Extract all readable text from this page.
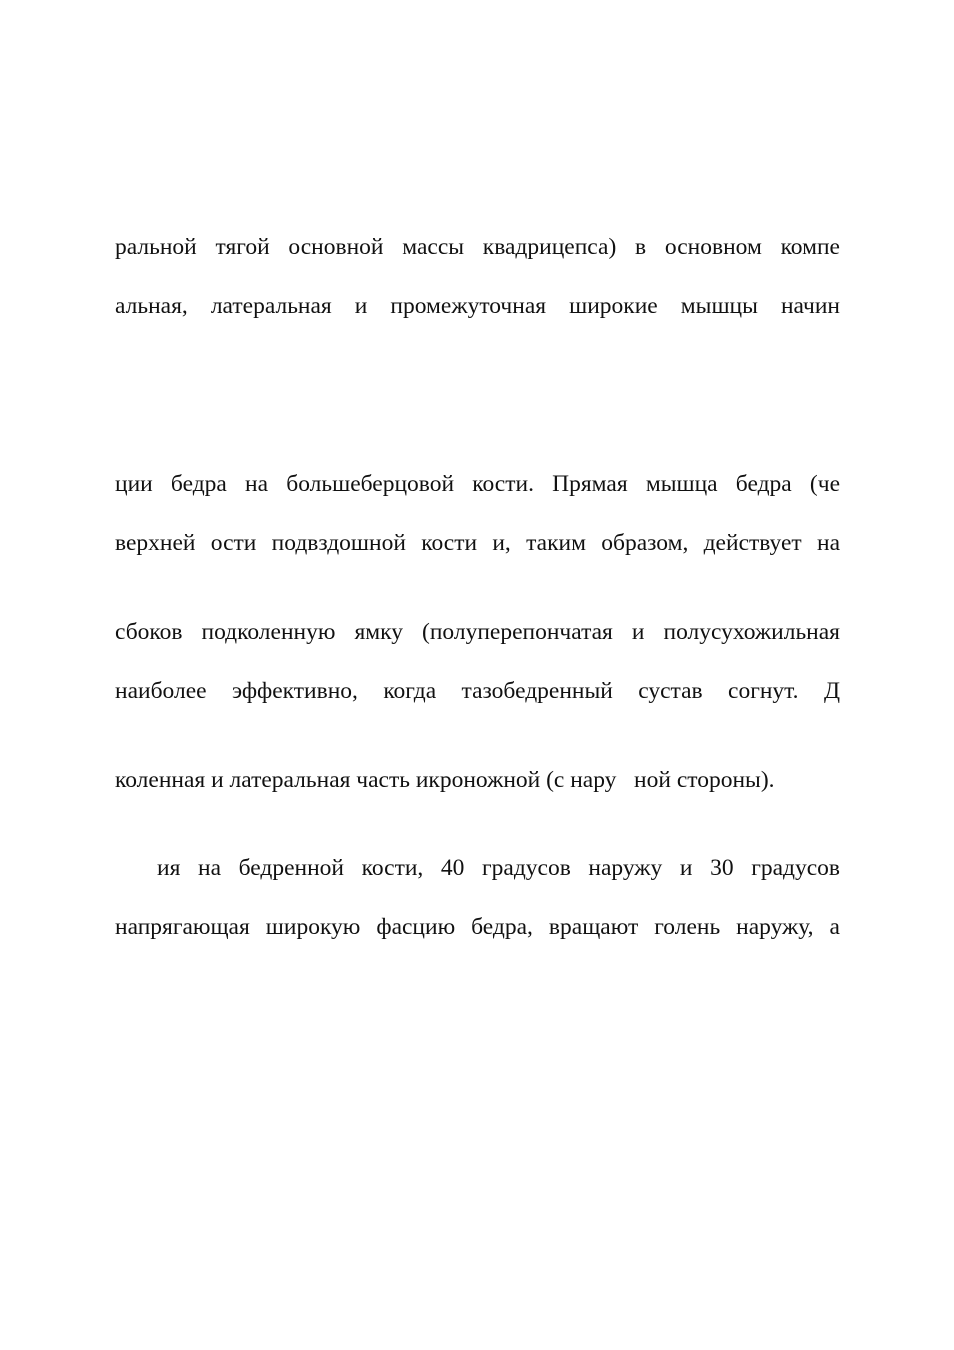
ральной тягой основной массы квадрицепса) в основном компе
альная, латеральная и промежуточная широкие мышцы начин
ции бедра на большеберцовой кости. Прямая мышца бедра (че
верхней ости подвздошной кости и, таким образом, действует на
сбоков подколенную ямку (полуперепончатая и полусухожильная
наиболее эффективно, когда тазобедренный сустав согнут. Д
коленная и латеральная часть икроножной (с нару   ной стороны).
ия на бедренной кости, 40 градусов наружу и 30 градусов
напрягающая широкую фасцию бедра, вращают голень наружу, а
